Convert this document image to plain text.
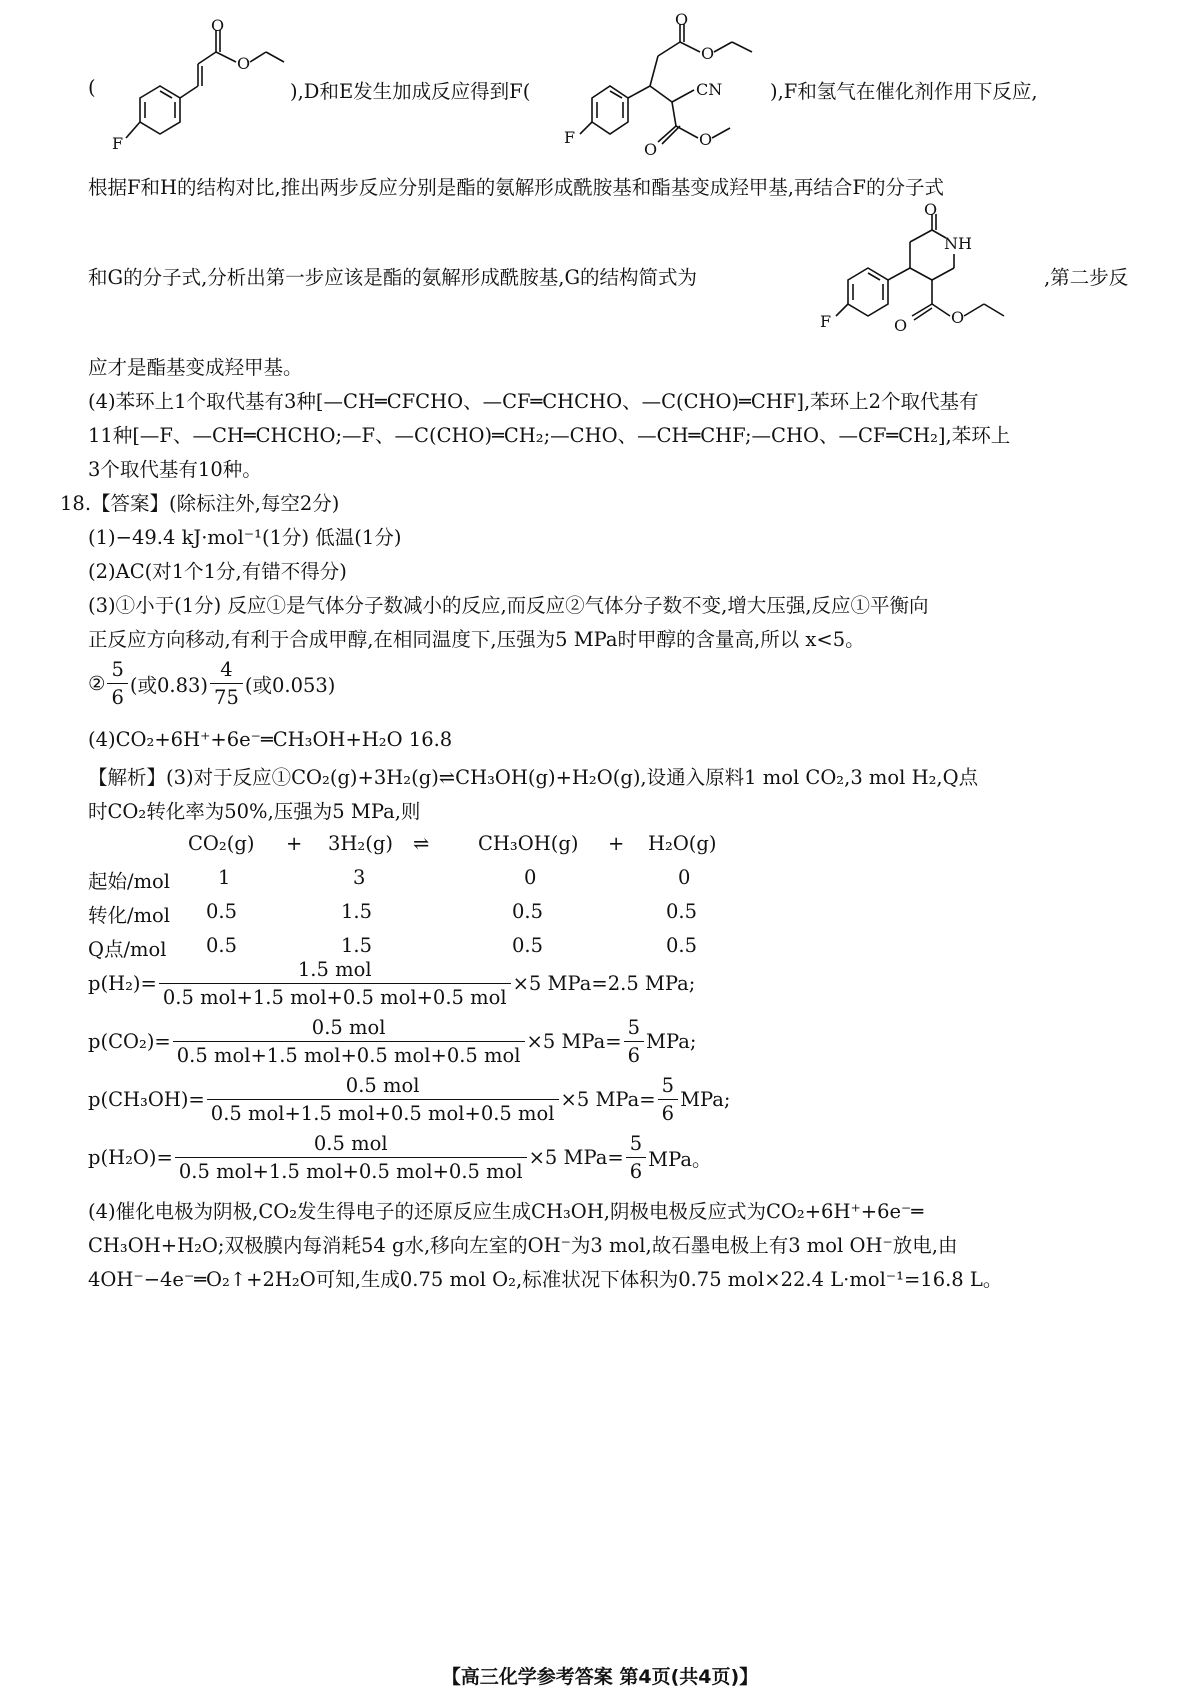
(
F
O
O
),D和E发生加成反应得到F(
F
O
O
CN
O
O
),F和氢气在催化剂作用下反应,
根据F和H的结构对比,推出两步反应分别是酯的氨解形成酰胺基和酯基变成羟甲基,再结合F的分子式
和G的分子式,分析出第一步应该是酯的氨解形成酰胺基,G的结构简式为
O
NH
F	O	O
,第二步反
应才是酯基变成羟甲基。
(4)苯环上1个取代基有3种[—CH═CFCHO、—CF═CHCHO、—C(CHO)═CHF],苯环上2个取代基有
11种[—F、—CH═CHCHO;—F、—C(CHO)═CH₂;—CHO、—CH═CHF;—CHO、—CF═CH₂],苯环上
3个取代基有10种。
18.【答案】(除标注外,每空2分)
(1)−49.4 kJ·mol⁻¹(1分) 低温(1分)
(2)AC(对1个1分,有错不得分)
(3)①小于(1分) 反应①是气体分子数减小的反应,而反应②气体分子数不变,增大压强,反应①平衡向
正反应方向移动,有利于合成甲醇,在相同温度下,压强为5 MPa时甲醇的含量高,所以 x<5。
② $\frac{5}{6}$ (或$0.83) \frac{4}{75}$ (或0.053)
(4)CO₂+6H⁺+6e⁻═CH₃OH+H₂O 16.8
【解析】(3)对于反应①CO₂(g)+3H₂(g)⇌CH₃OH(g)+H₂O(g),设通入原料1 mol CO₂,3 mol H₂,Q点
时CO₂转化率为50%,压强为5 MPa,则
CO₂(g) + 3H₂(g) ⇌ CH₃OH(g) + H₂O(g)
起始/mol 1	3	0	0
转化/mol 0.5	1.5	0.5	0.5
Q点/mol 0.5	1.5	0.5	0.5
$p(H_2)= \frac{\text{1.5 mol}}{\text{0.5 mol+1.5 mol+0.5 mol+0.5 mol}} \times 5$ MPa=2.5 MPa;
$p(CO_2)= \frac{\text{0.5 mol}}{\text{0.5 mol+1.5 mol+0.5 mol+0.5 mol}} \times 5$ $MPa= \frac{5}{6}$ MPa;
$p(CH_3OH)= \frac{\text{0.5 mol}}{\text{0.5 mol+1.5 mol+0.5 mol+0.5 mol}} \times 5$ $MPa= \frac{5}{6}$ MPa;
$p(H_2O)= \frac{\text{0.5 mol}}{\text{0.5 mol+1.5 mol+0.5 mol+0.5 mol}} \times 5$ $MPa= \frac{5}{6}$ MPa。
(4)催化电极为阴极,CO₂发生得电子的还原反应生成CH₃OH,阴极电极反应式为CO₂+6H⁺+6e⁻═
CH₃OH+H₂O;双极膜内每消耗54 g水,移向左室的OH⁻为3 mol,故石墨电极上有3 mol OH⁻放电,由
4OH⁻−4e⁻═O₂↑+2H₂O可知,生成0.75 mol O₂,标准状况下体积为0.75 mol×22.4 L·mol⁻¹=16.8 L。
【高三化学参考答案 第4页(共4页)】
